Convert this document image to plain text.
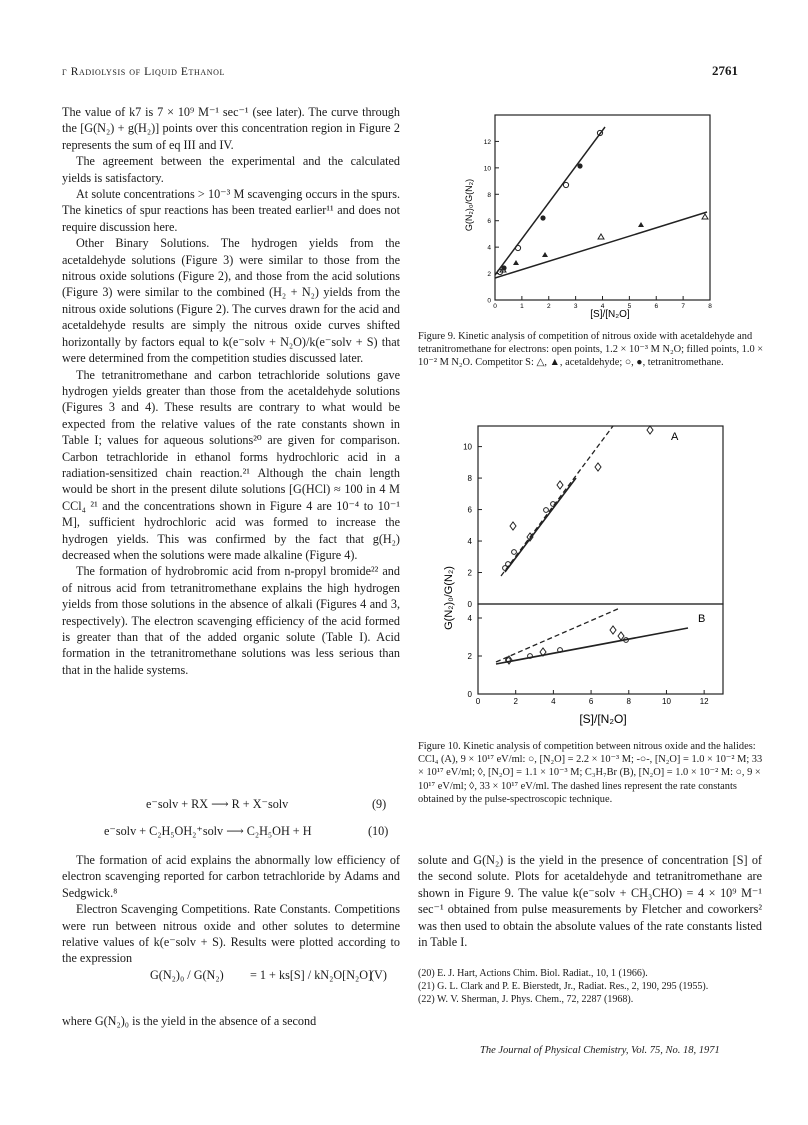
γ Radiolysis of Liquid Ethanol	2761

The value of k7 is 7 × 10⁹ M⁻¹ sec⁻¹ (see later). The curve through the [G(N₂) + g(H₂)] points over this concentration region in Figure 2 represents the sum of eq III and IV.

The agreement between the experimental and the calculated yields is satisfactory.

At solute concentrations > 10⁻³ M scavenging occurs in the spurs. The kinetics of spur reactions has been treated earlier¹¹ and does not require discussion here.

Other Binary Solutions. The hydrogen yields from the acetaldehyde solutions (Figure 3) were similar to those from the nitrous oxide solutions (Figure 2), and those from the acid solutions (Figure 3) were similar to the combined (H₂ + N₂) yields from the nitrous oxide solutions (Figure 2). The curves drawn for the acid and acetaldehyde results are simply the nitrous oxide curves shifted horizontally by factors equal to k(e⁻solv + N₂O)/k(e⁻solv + S) that were determined from the competition studies discussed later.

The tetranitromethane and carbon tetrachloride solutions gave hydrogen yields greater than those from the acetaldehyde solutions (Figures 3 and 4). These results are contrary to what would be expected from the relative values of the rate constants shown in Table I; values for aqueous solutions²⁰ are given for comparison. Carbon tetrachloride in ethanol forms hydrochloric acid in a radiation-sensitized chain reaction.²¹ Although the chain length would be short in the present dilute solutions [G(HCl) ≈ 100 in 4 M CCl₄ ²¹ and the concentrations shown in Figure 4 are 10⁻⁴ to 10⁻¹ M], sufficient hydrochloric acid was formed to increase the hydrogen yields. This was confirmed by the fact that g(H₂) decreased when the solutions were made alkaline (Figure 4).

The formation of hydrobromic acid from n-propyl bromide²² and of nitrous acid from tetranitromethane explains the high hydrogen yields from those solutions in the absence of alkali (Figures 4 and 3, respectively). The electron scavenging efficiency of the acid formed is greater than that of the added organic solute (Table I). Acid formation in the tetranitromethane solutions was less serious than that in the halide systems.

e⁻solv + RX ⟶ R + X⁻solv	(9)
e⁻solv + C₂H₅OH₂⁺solv ⟶ C₂H₅OH + H	(10)

The formation of acid explains the abnormally low efficiency of electron scavenging reported for carbon tetrachloride by Adams and Sedgwick.⁸

Electron Scavenging Competitions. Rate Constants. Competitions were run between nitrous oxide and other solutes to determine relative values of k(e⁻solv + S). Results were plotted according to the expression

G(N₂)₀ / G(N₂) = 1 + ks[S] / kN₂O[N₂O]
(V)

where G(N₂)₀ is the yield in the absence of a second

G(N₂)₀/G(N₂)
[S]/[N₂O]
0	1	2	3	4	5	6	7	8
0
2
4
6
8
10
12
Figure 9. Kinetic analysis of competition of nitrous oxide with acetaldehyde and tetranitromethane for electrons: open points, 1.2 × 10⁻³ M N₂O; filled points, 1.0 × 10⁻² M N₂O. Competitor S: △, ▲, acetaldehyde; ○, ●, tetranitromethane.
G(N₂)₀/G(N₂)
[S]/[N₂O]
A
B
0	2	4	6	8	10	12
0
2
4
6
8
10
0
2
4
Figure 10. Kinetic analysis of competition between nitrous oxide and the halides: CCl₄ (A), 9 × 10¹⁷ eV/ml: ○, [N₂O] = 2.2 × 10⁻³ M; -○-, [N₂O] = 1.0 × 10⁻² M; 33 × 10¹⁷ eV/ml; ◊, [N₂O] = 1.1 × 10⁻³ M; C₃H₇Br (B), [N₂O] = 1.0 × 10⁻² M: ○, 9 × 10¹⁷ eV/ml; ◊, 33 × 10¹⁷ eV/ml. The dashed lines represent the rate constants obtained by the pulse-spectroscopic technique.

solute and G(N₂) is the yield in the presence of concentration [S] of the second solute. Plots for acetaldehyde and tetranitromethane are shown in Figure 9. The value k(e⁻solv + CH₃CHO) = 4 × 10⁹ M⁻¹ sec⁻¹ obtained from pulse measurements by Fletcher and coworkers² was then used to obtain the absolute values of the rate constants listed in Table I.

(20) E. J. Hart, Actions Chim. Biol. Radiat., 10, 1 (1966).
(21) G. L. Clark and P. E. Bierstedt, Jr., Radiat. Res., 2, 190, 295 (1955).
(22) W. V. Sherman, J. Phys. Chem., 72, 2287 (1968).
The Journal of Physical Chemistry, Vol. 75, No. 18, 1971
